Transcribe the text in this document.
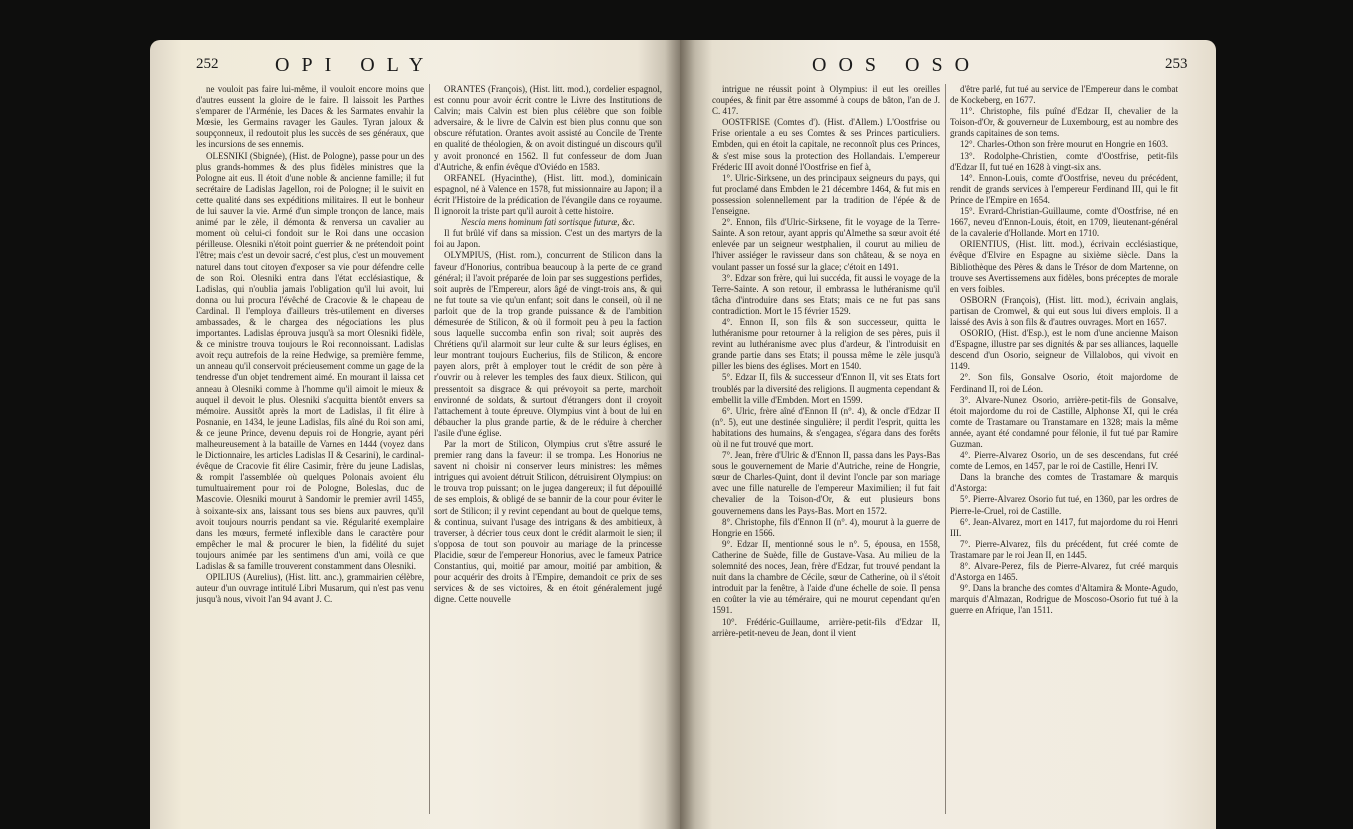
252	OPI OLY

ne vouloit pas faire lui-même, il vouloit encore moins que d'autres eussent la gloire de le faire. Il laissoit les Parthes s'emparer de l'Arménie, les Daces & les Sarmates envahir la Mœsie, les Germains ravager les Gaules. Tyran jaloux & soupçonneux, il redoutoit plus les succès de ses généraux, que les incursions de ses ennemis.

OLESNIKI (Sbignée), (Hist. de Pologne), passe pour un des plus grands-hommes & des plus fidèles ministres que la Pologne ait eus. Il étoit d'une noble & ancienne famille; il fut secrétaire de Ladislas Jagellon, roi de Pologne; il le suivit en cette qualité dans ses expéditions militaires. Il eut le bonheur de lui sauver la vie. Armé d'un simple tronçon de lance, mais animé par le zèle, il démonta & renversa un cavalier au moment où celui-ci fondoit sur le Roi dans une occasion périlleuse. Olesniki n'étoit point guerrier & ne prétendoit point l'être; mais c'est un devoir sacré, c'est plus, c'est un mouvement naturel dans tout citoyen d'exposer sa vie pour défendre celle de son Roi. Olesniki entra dans l'état ecclésiastique, & Ladislas, qui n'oublia jamais l'obligation qu'il lui avoit, lui donna ou lui procura l'évêché de Cracovie & le chapeau de Cardinal. Il l'employa d'ailleurs très-utilement en diverses ambassades, & le chargea des négociations les plus importantes. Ladislas éprouva jusqu'à sa mort Olesniki fidèle, & ce ministre trouva toujours le Roi reconnoissant. Ladislas avoit reçu autrefois de la reine Hedwige, sa première femme, un anneau qu'il conservoit précieusement comme un gage de la tendresse d'un objet tendrement aimé. En mourant il laissa cet anneau à Olesniki comme à l'homme qu'il aimoit le mieux & auquel il devoit le plus. Olesniki s'acquitta bientôt envers sa mémoire. Aussitôt après la mort de Ladislas, il fit élire à Posnanie, en 1434, le jeune Ladislas, fils aîné du Roi son ami, & ce jeune Prince, devenu depuis roi de Hongrie, ayant péri malheureusement à la bataille de Varnes en 1444 (voyez dans le Dictionnaire, les articles Ladislas II & Cesarini), le cardinal-évêque de Cracovie fit élire Casimir, frère du jeune Ladislas, & rompit l'assemblée où quelques Polonais avoient élu tumultuairement pour roi de Pologne, Boleslas, duc de Mascovie. Olesniki mourut à Sandomir le premier avril 1455, à soixante-six ans, laissant tous ses biens aux pauvres, qu'il avoit toujours nourris pendant sa vie. Régularité exemplaire dans les mœurs, fermeté inflexible dans le caractère pour empêcher le mal & procurer le bien, la fidélité du sujet toujours animée par les sentimens d'un ami, voilà ce que Ladislas & sa famille trouverent constamment dans Olesniki.

OPILIUS (Aurelius), (Hist. litt. anc.), grammairien célèbre, auteur d'un ouvrage intitulé Libri Musarum, qui n'est pas venu jusqu'à nous, vivoit l'an 94 avant J. C.

ORANTES (François), (Hist. litt. mod.), cordelier espagnol, est connu pour avoir écrit contre le Livre des Institutions de Calvin; mais Calvin est bien plus célèbre que son foible adversaire, & le livre de Calvin est bien plus connu que son obscure réfutation. Orantes avoit assisté au Concile de Trente en qualité de théologien, & on avoit distingué un discours qu'il y avoit prononcé en 1562. Il fut confesseur de dom Juan d'Autriche, & enfin évêque d'Oviédo en 1583.

ORFANEL (Hyacinthe), (Hist. litt. mod.), dominicain espagnol, né à Valence en 1578, fut missionnaire au Japon; il a écrit l'Histoire de la prédication de l'évangile dans ce royaume. Il ignoroit la triste part qu'il auroit à cette histoire.

Nescia mens hominum fati sortisque futuræ, &c.

Il fut brûlé vif dans sa mission. C'est un des martyrs de la foi au Japon.

OLYMPIUS, (Hist. rom.), concurrent de Stilicon dans la faveur d'Honorius, contribua beaucoup à la perte de ce grand général; il l'avoit préparée de loin par ses suggestions perfides, soit auprès de l'Empereur, alors âgé de vingt-trois ans, & qui ne fut toute sa vie qu'un enfant; soit dans le conseil, où il ne parloit que de la trop grande puissance & de l'ambition démesurée de Stilicon, & où il formoit peu à peu la faction sous laquelle succomba enfin son rival; soit auprès des Chrétiens qu'il alarmoit sur leur culte & sur leurs églises, en leur montrant toujours Eucherius, fils de Stilicon, & encore payen alors, prêt à employer tout le crédit de son père à r'ouvrir ou à relever les temples des faux dieux. Stilicon, qui pressentoit sa disgrace & qui prévoyoit sa perte, marchoit environné de soldats, & surtout d'étrangers dont il croyoit l'attachement à toute épreuve. Olympius vint à bout de lui en débaucher la plus grande partie, & de le réduire à chercher l'asile d'une église.

Par la mort de Stilicon, Olympius crut s'être assuré le premier rang dans la faveur: il se trompa. Les Honorius ne savent ni choisir ni conserver leurs ministres: les mêmes intrigues qui avoient détruit Stilicon, détruisirent Olympius: on le trouva trop puissant; on le jugea dangereux; il fut dépouillé de ses emplois, & obligé de se bannir de la cour pour éviter le sort de Stilicon; il y revint cependant au bout de quelque tems, & continua, suivant l'usage des intrigans & des ambitieux, à traverser, à décrier tous ceux dont le crédit alarmoit le sien; il s'opposa de tout son pouvoir au mariage de la princesse Placidie, sœur de l'empereur Honorius, avec le fameux Patrice Constantius, qui, moitié par amour, moitié par ambition, & pour acquérir des droits à l'Empire, demandoit ce prix de ses services & de ses victoires, & en étoit généralement jugé digne. Cette nouvelle

OOS OSO	253

intrigue ne réussit point à Olympius: il eut les oreilles coupées, & finit par être assommé à coups de bâton, l'an de J. C. 417.

OOSTFRISE (Comtes d'). (Hist. d'Allem.) L'Oostfrise ou Frise orientale a eu ses Comtes & ses Princes particuliers. Embden, qui en étoit la capitale, ne reconnoît plus ces Princes, & s'est mise sous la protection des Hollandais. L'empereur Fréderic III avoit donné l'Oostfrise en fief à,

1°. Ulric-Sirksene, un des principaux seigneurs du pays, qui fut proclamé dans Embden le 21 décembre 1464, & fut mis en possession solennellement par la tradition de l'épée & de l'enseigne.

2°. Ennon, fils d'Ulric-Sirksene, fit le voyage de la Terre-Sainte. A son retour, ayant appris qu'Almethe sa sœur avoit été enlevée par un seigneur westphalien, il courut au milieu de l'hiver assiéger le ravisseur dans son château, & se noya en voulant passer un fossé sur la glace; c'étoit en 1491.

3°. Edzar son frère, qui lui succéda, fit aussi le voyage de la Terre-Sainte. A son retour, il embrassa le luthéranisme qu'il tâcha d'introduire dans ses Etats; mais ce ne fut pas sans contradiction. Mort le 15 février 1529.

4°. Ennon II, son fils & son successeur, quitta le luthéranisme pour retourner à la religion de ses pères, puis il revint au luthéranisme avec plus d'ardeur, & l'introduisit en grande partie dans ses Etats; il poussa même le zèle jusqu'à piller les biens des églises. Mort en 1540.

5°. Edzar II, fils & successeur d'Ennon II, vit ses Etats fort troublés par la diversité des religions. Il augmenta cependant & embellit la ville d'Embden. Mort en 1599.

6°. Ulric, frère aîné d'Ennon II (n°. 4), & oncle d'Edzar II (n°. 5), eut une destinée singulière; il perdit l'esprit, quitta les habitations des humains, & s'engagea, s'égara dans des forêts où il ne fut trouvé que mort.

7°. Jean, frère d'Ulric & d'Ennon II, passa dans les Pays-Bas sous le gouvernement de Marie d'Autriche, reine de Hongrie, sœur de Charles-Quint, dont il devint l'oncle par son mariage avec une fille naturelle de l'empereur Maximilien; il fut fait chevalier de la Toison-d'Or, & eut plusieurs bons gouvernemens dans les Pays-Bas. Mort en 1572.

8°. Christophe, fils d'Ennon II (n°. 4), mourut à la guerre de Hongrie en 1566.

9°. Edzar II, mentionné sous le n°. 5, épousa, en 1558, Catherine de Suède, fille de Gustave-Vasa. Au milieu de la solemnité des noces, Jean, frère d'Edzar, fut trouvé pendant la nuit dans la chambre de Cécile, sœur de Catherine, où il s'étoit introduit par la fenêtre, à l'aide d'une échelle de soie. Il pensa en coûter la vie au téméraire, qui ne mourut cependant qu'en 1591.

10°. Frédéric-Guillaume, arrière-petit-fils d'Edzar II, arrière-petit-neveu de Jean, dont il vient

d'être parlé, fut tué au service de l'Empereur dans le combat de Kockeberg, en 1677.

11°. Christophe, fils puîné d'Edzar II, chevalier de la Toison-d'Or, & gouverneur de Luxembourg, est au nombre des grands capitaines de son tems.

12°. Charles-Othon son frère mourut en Hongrie en 1603.

13°. Rodolphe-Christien, comte d'Oostfrise, petit-fils d'Edzar II, fut tué en 1628 à vingt-six ans.

14°. Ennon-Louis, comte d'Oostfrise, neveu du précédent, rendit de grands services à l'empereur Ferdinand III, qui le fit Prince de l'Empire en 1654.

15°. Evrard-Christian-Guillaume, comte d'Oostfrise, né en 1667, neveu d'Ennon-Louis, étoit, en 1709, lieutenant-général de la cavalerie d'Hollande. Mort en 1710.

ORIENTIUS, (Hist. litt. mod.), écrivain ecclésiastique, évêque d'Elvire en Espagne au sixième siècle. Dans la Bibliothèque des Pères & dans le Trésor de dom Martenne, on trouve ses Avertissemens aux fidèles, bons préceptes de morale en vers foibles.

OSBORN (François), (Hist. litt. mod.), écrivain anglais, partisan de Cromwel, & qui eut sous lui divers emplois. Il a laissé des Avis à son fils & d'autres ouvrages. Mort en 1657.

OSORIO, (Hist. d'Esp.), est le nom d'une ancienne Maison d'Espagne, illustre par ses dignités & par ses alliances, laquelle descend d'un Osorio, seigneur de Villalobos, qui vivoit en 1149.

2°. Son fils, Gonsalve Osorio, étoit majordome de Ferdinand II, roi de Léon.

3°. Alvare-Nunez Osorio, arrière-petit-fils de Gonsalve, étoit majordome du roi de Castille, Alphonse XI, qui le créa comte de Trastamare ou Transtamare en 1328; mais la même année, ayant été condamné pour félonie, il fut tué par Ramire Guzman.

4°. Pierre-Alvarez Osorio, un de ses descendans, fut créé comte de Lemos, en 1457, par le roi de Castille, Henri IV.

Dans la branche des comtes de Trastamare & marquis d'Astorga:

5°. Pierre-Alvarez Osorio fut tué, en 1360, par les ordres de Pierre-le-Cruel, roi de Castille.

6°. Jean-Alvarez, mort en 1417, fut majordome du roi Henri III.

7°. Pierre-Alvarez, fils du précédent, fut créé comte de Trastamare par le roi Jean II, en 1445.

8°. Alvare-Perez, fils de Pierre-Alvarez, fut créé marquis d'Astorga en 1465.

9°. Dans la branche des comtes d'Altamira & Monte-Agudo, marquis d'Almazan, Rodrigue de Moscoso-Osorio fut tué à la guerre en Afrique, l'an 1511.
